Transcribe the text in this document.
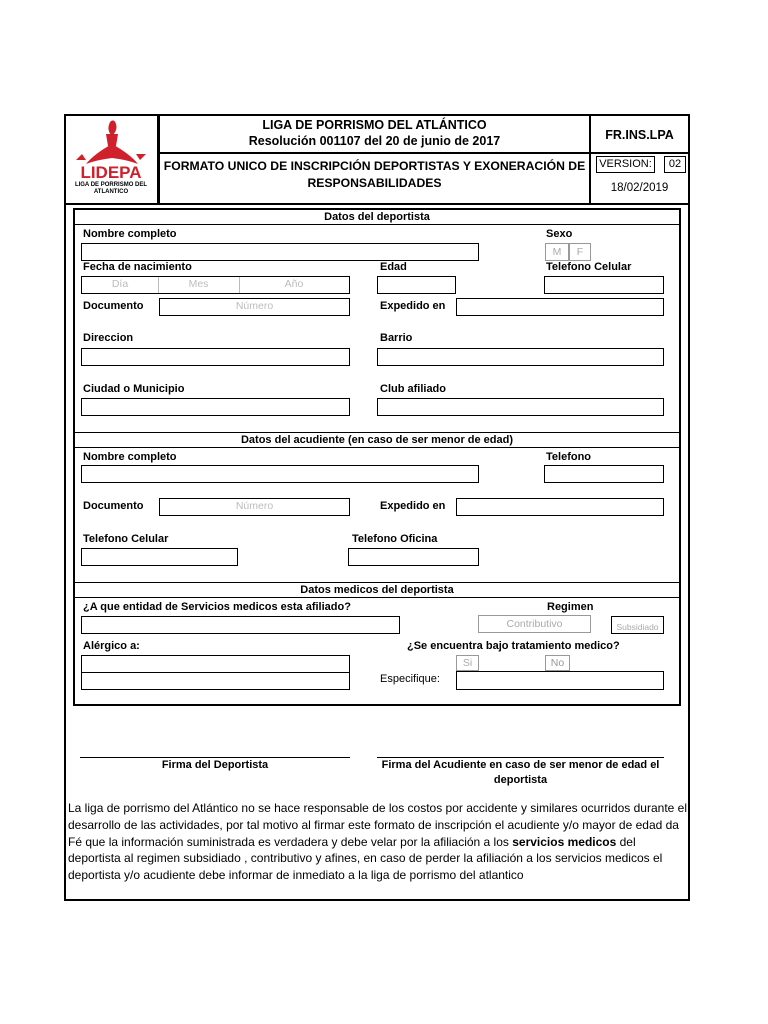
LIDEPA
LIGA DE PORRISMO DEL
ATLANTICO
LIGA DE PORRISMO DEL ATLÁNTICO
Resolución 001107 del 20 de junio de 2017
FORMATO UNICO DE INSCRIPCIÓN DEPORTISTAS Y EXONERACIÓN DE RESPONSABILIDADES
FR.INS.LPA
VERSION:	02
18/02/2019
Datos del deportista
Nombre completo	Sexo
M	F
Fecha de nacimiento
Día	Mes	Año
Edad	Telefono Celular
Documento	Número	Expedido en
Direccion	Barrio
Ciudad o Municipio	Club afiliado
Datos del acudiente (en caso de ser menor de edad)
Nombre completo	Telefono
Documento	Número	Expedido en
Telefono Celular	Telefono Oficina
Datos medicos del deportista
¿A que entidad de Servicios medicos esta afiliado?	Regimen
Contributivo	Subsidiado
Alérgico a:	¿Se encuentra bajo tratamiento medico?
Si	No
Especifique:
Firma del Deportista	Firma del Acudiente en caso de ser menor de edad el deportista
La liga de porrismo del Atlántico no se hace responsable de los costos por accidente y similares ocurridos durante el desarrollo de las actividades, por tal motivo al firmar este formato de inscripción el acudiente y/o mayor de edad da Fé que la información suministrada es verdadera y debe velar por la afiliación a los servicios medicos del deportista al regimen subsidiado , contributivo y afines, en caso de perder la afiliación a los servicios medicos el deportista y/o acudiente debe informar de inmediato a la liga de porrismo del atlantico
